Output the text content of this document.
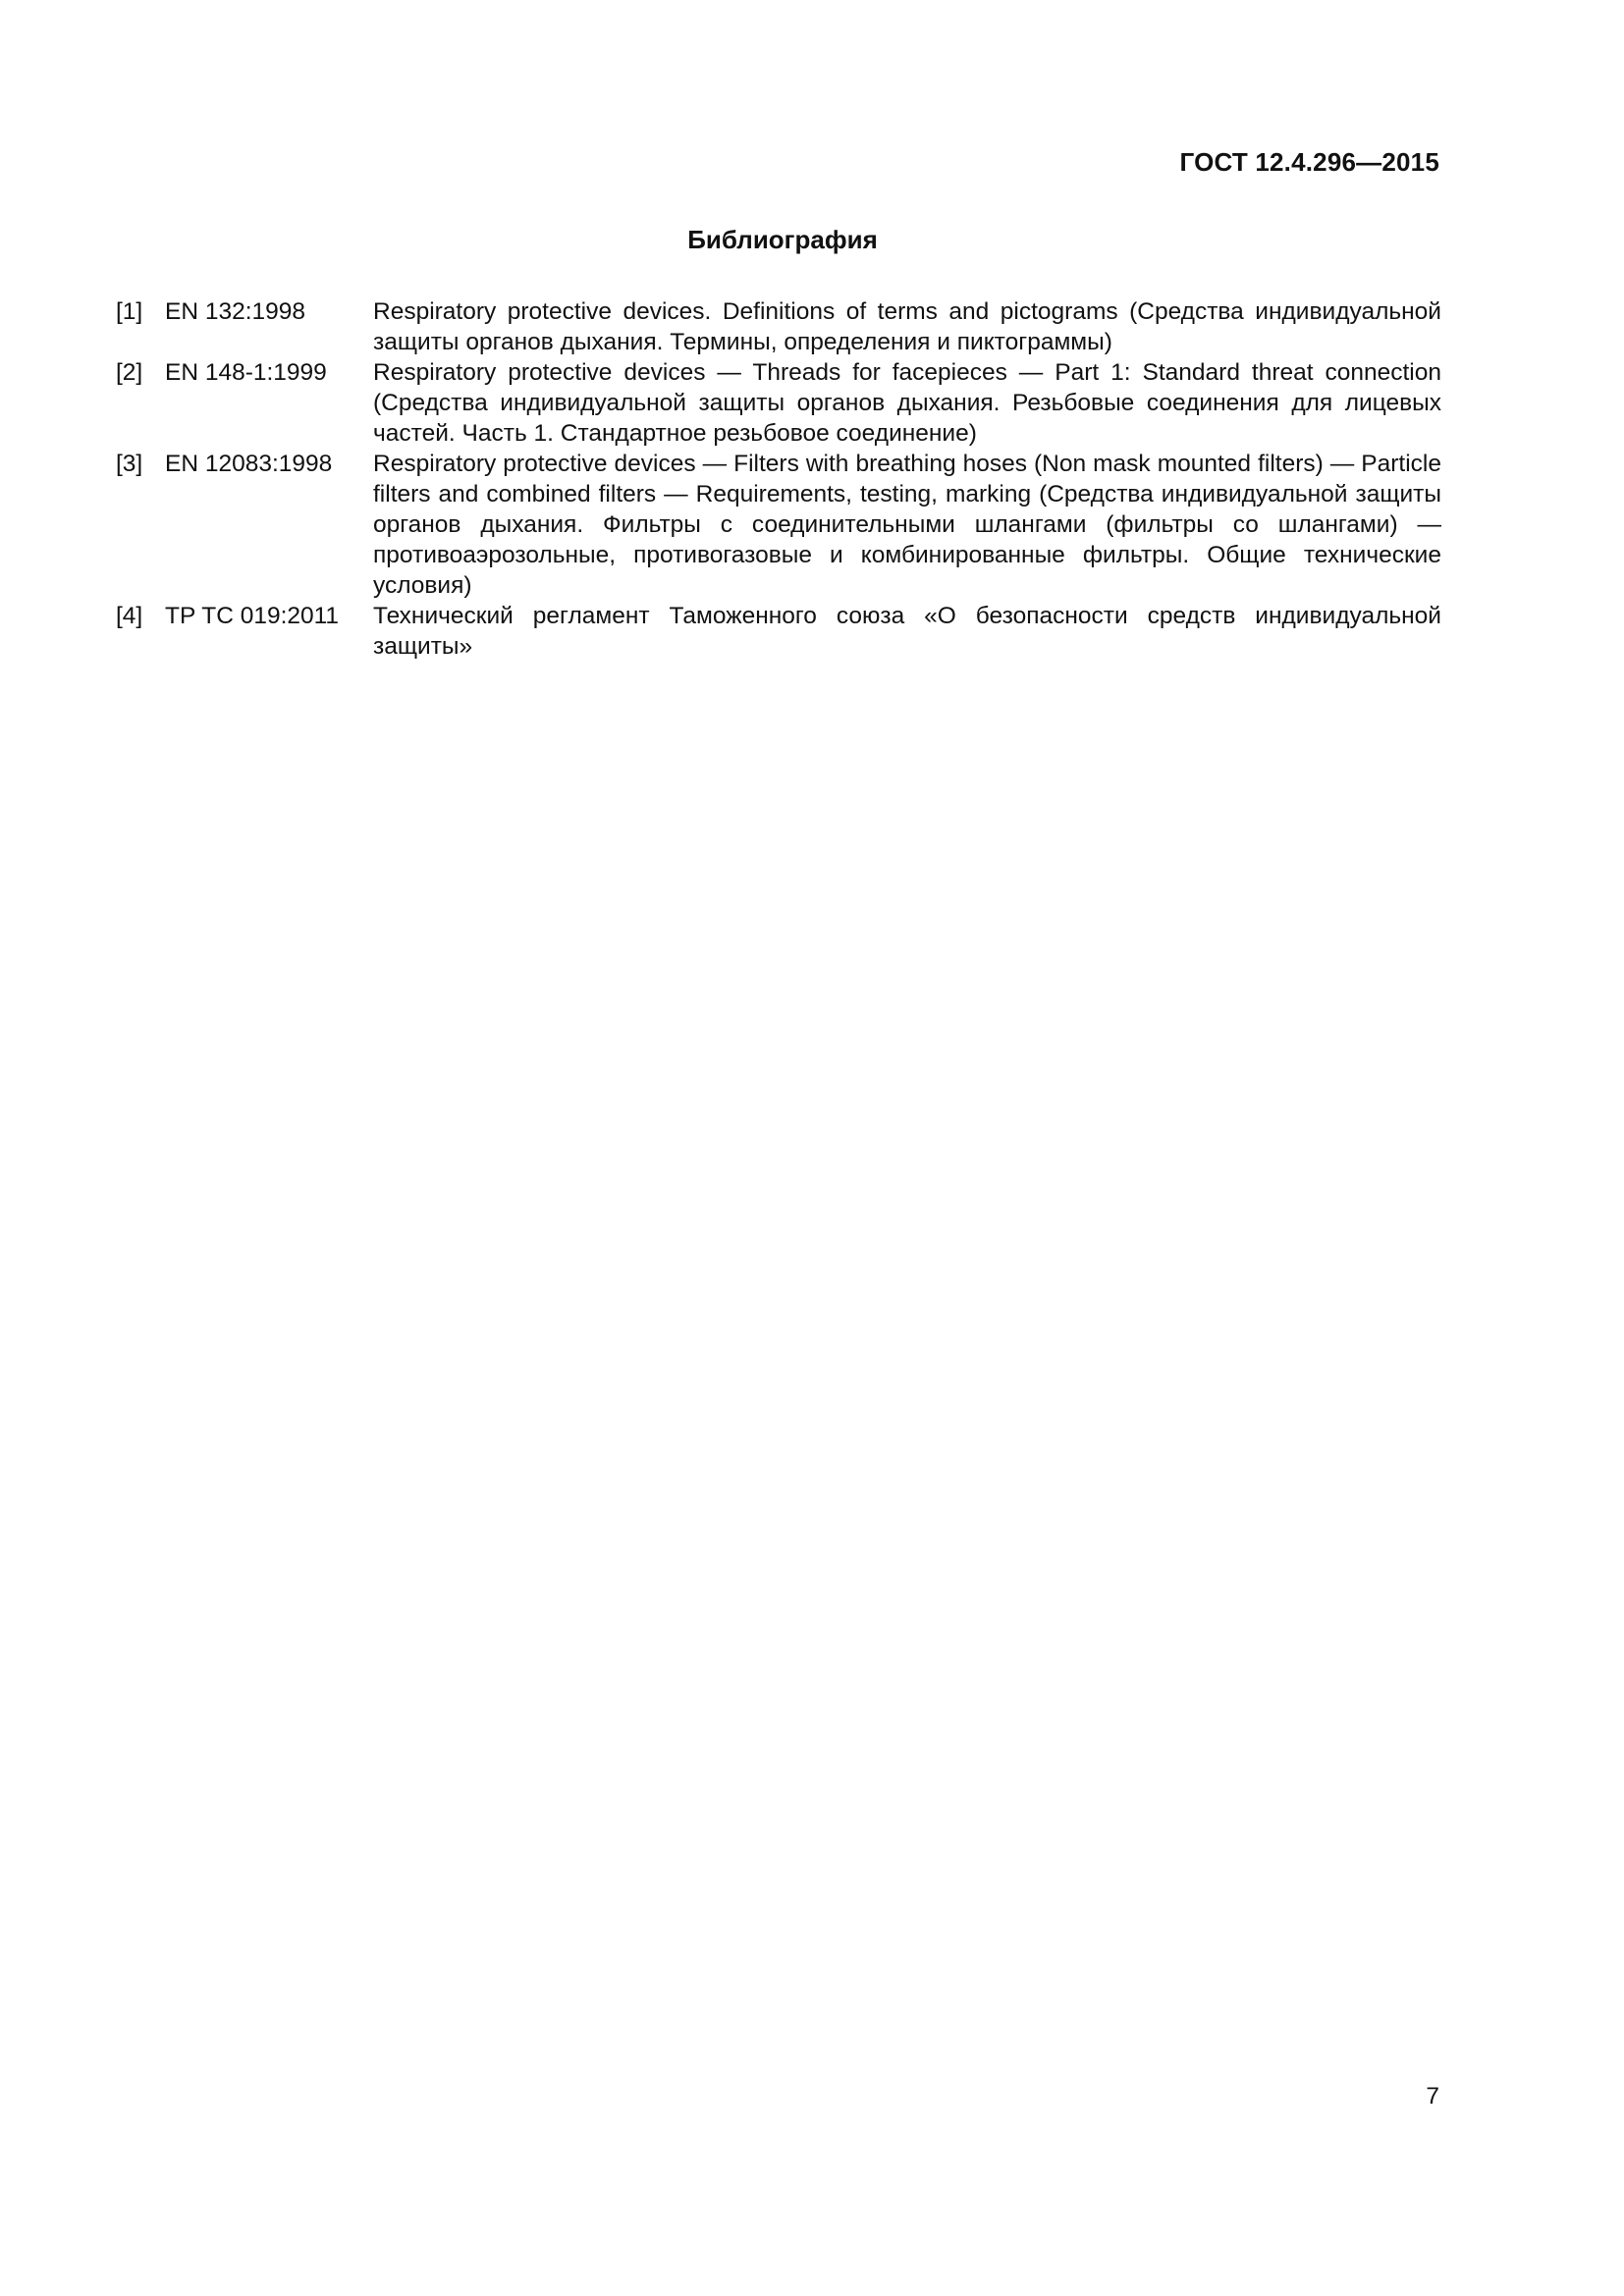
ГОСТ 12.4.296—2015
Библиография
[1] EN 132:1998	Respiratory protective devices. Definitions of terms and pictograms (Средства индивидуальной защиты органов дыхания. Термины, определения и пиктограммы)
[2] EN 148-1:1999	Respiratory protective devices — Threads for facepieces — Part 1: Standard threat connection (Средства индивидуальной защиты органов дыхания. Резьбовые соединения для лицевых частей. Часть 1. Стандартное резьбовое соединение)
[3] EN 12083:1998	Respiratory protective devices — Filters with breathing hoses (Non mask mounted filters) — Particle filters and combined filters — Requirements, testing, marking (Средства индивидуальной защиты органов дыхания. Фильтры с соединительными шлангами (фильтры со шлангами) — противоаэрозольные, противогазовые и комбинированные фильтры. Общие технические условия)
[4] TP TC 019:2011	Технический регламент Таможенного союза «О безопасности средств индивидуальной защиты»
7
